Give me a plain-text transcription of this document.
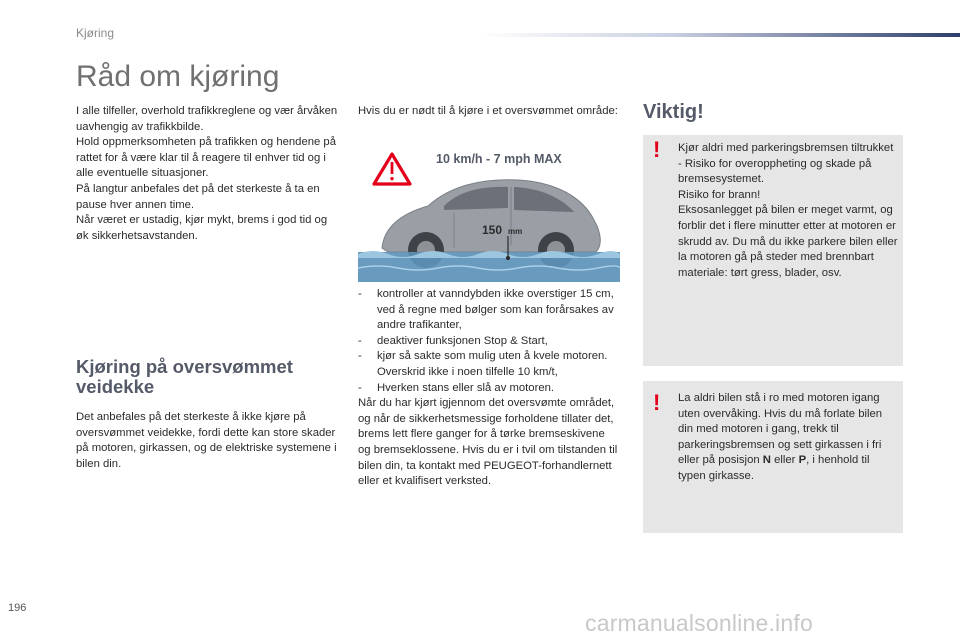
Kjøring
Råd om kjøring

I alle tilfeller, overhold trafikkreglene og vær årvåken uavhengig av trafikkbilde.

Hold oppmerksomheten på trafikken og hendene på rattet for å være klar til å reagere til enhver tid og i alle eventuelle situasjoner.

På langtur anbefales det på det sterkeste å ta en pause hver annen time.

Når været er ustadig, kjør mykt, brems i god tid og øk sikkerhetsavstanden.

Kjøring på oversvømmet veidekke

Det anbefales på det sterkeste å ikke kjøre på oversvømmet veidekke, fordi dette kan store skader på motoren, girkassen, og de elektriske systemene i bilen din.

Hvis du er nødt til å kjøre i et oversvømmet område:

10 km/h - 7 mph MAX
150 mm
-	kontroller at vanndybden ikke overstiger 15 cm, ved å regne med bølger som kan forårsakes av andre trafikanter,
-	deaktiver funksjonen Stop & Start,
-	kjør så sakte som mulig uten å kvele motoren. Overskrid ikke i noen tilfelle 10 km/t,
-	Hverken stans eller slå av motoren.

Når du har kjørt igjennom det oversvømte området, og når de sikkerhetsmessige forholdene tillater det, brems lett flere ganger for å tørke bremseskivene og bremseklossene. Hvis du er i tvil om tilstanden til bilen din, ta kontakt med PEUGEOT-forhandlernett eller et kvalifisert verksted.

Viktig!
! Kjør aldri med parkeringsbremsen tiltrukket - Risiko for overoppheting og skade på bremsesystemet.

Risiko for brann!

Eksosanlegget på bilen er meget varmt, og forblir det i flere minutter etter at motoren er skrudd av. Du må du ikke parkere bilen eller la motoren gå på steder med brennbart materiale: tørt gress, blader, osv.

! La aldri bilen stå i ro med motoren igang uten overvåking. Hvis du må forlate bilen din med motoren i gang, trekk til parkeringsbremsen og sett girkassen i fri eller på posisjon N eller P, i henhold til typen girkasse.

196
carmanualsonline.info
